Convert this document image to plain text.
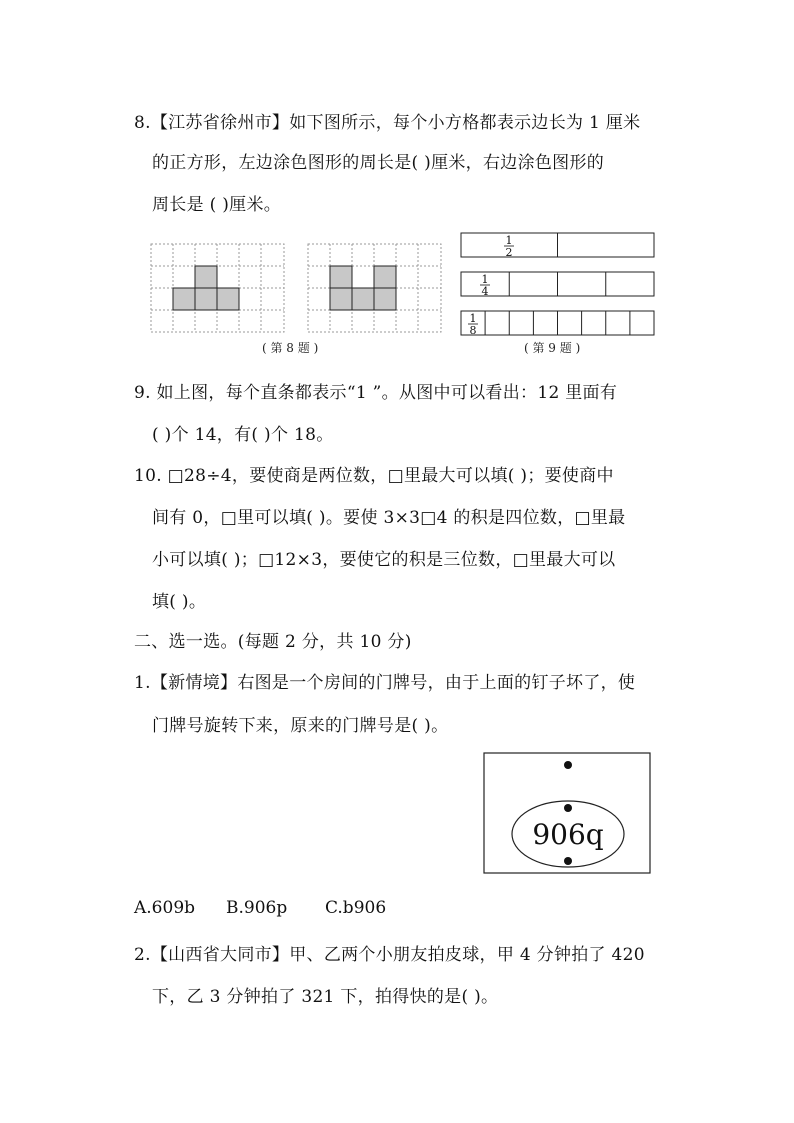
8.【江苏省徐州市】如下图所示，每个小方格都表示边长为 1 厘米
的正方形，左边涂色图形的周长是( )厘米，右边涂色图形的
周长是 ( )厘米。
( 第 8 题 )
1
2
1
4
1
8
( 第 9 题 )
9. 如上图，每个直条都表示“1 ”。从图中可以看出：12 里面有
( )个 14，有( )个 18。
10. □28÷4，要使商是两位数，□里最大可以填( )；要使商中
间有 0，□里可以填( )。要使 3×3□4 的积是四位数，□里最
小可以填( )；□12×3，要使它的积是三位数，□里最大可以
填( )。
二、选一选。(每题 2 分，共 10 分)
1.【新情境】右图是一个房间的门牌号，由于上面的钉子坏了，使
门牌号旋转下来，原来的门牌号是( )。
906q
A.609b B.906p C.b906
2.【山西省大同市】甲、乙两个小朋友拍皮球，甲 4 分钟拍了 420
下，乙 3 分钟拍了 321 下，拍得快的是( )。
